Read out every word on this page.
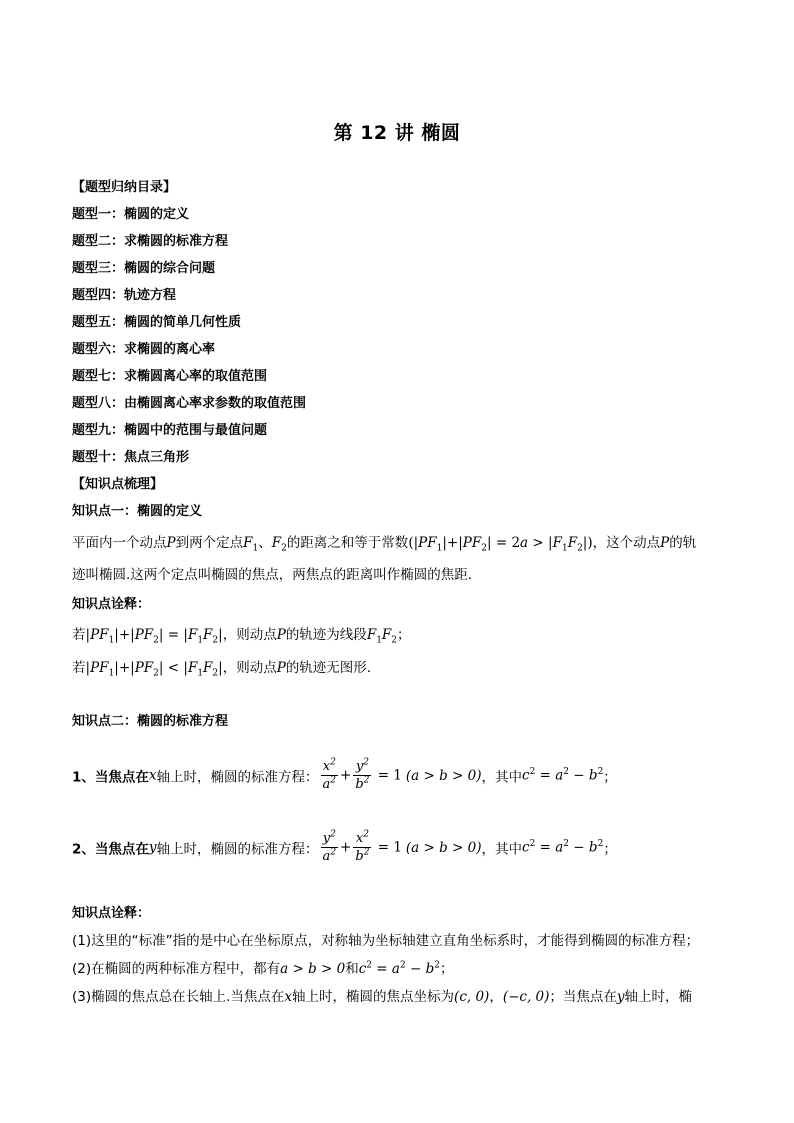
第 12 讲 椭圆
【题型归纳目录】
题型一：椭圆的定义
题型二：求椭圆的标准方程
题型三：椭圆的综合问题
题型四：轨迹方程
题型五：椭圆的简单几何性质
题型六：求椭圆的离心率
题型七：求椭圆离心率的取值范围
题型八：由椭圆离心率求参数的取值范围
题型九：椭圆中的范围与最值问题
题型十：焦点三角形
【知识点梳理】
知识点一：椭圆的定义
平面内一个动点P到两个定点$F_1$、$F_2$的距离之和等于常数$(|PF_1|+|PF_2| = 2a > |F_1F_2|)$，这个动点P的轨
迹叫椭圆.这两个定点叫椭圆的焦点，两焦点的距离叫作椭圆的焦距.
知识点诠释：
若$|PF_1|+|PF_2| = |F_1F_2|$，则动点P的轨迹为线段$F_1F_2$；
若$|PF_1|+|PF_2| < |F_1F_2|$，则动点P的轨迹无图形.
知识点二：椭圆的标准方程
1、当焦点在x轴上时，椭圆的标准方程： $\frac{x^2}{a^2} + \frac{y^2}{b^2} = 1$ (a > b > 0)，其中$c^2 = a^2 - b^2$；
2、当焦点在y轴上时，椭圆的标准方程： $\frac{y^2}{a^2} + \frac{x^2}{b^2} = 1$ (a > b > 0)，其中$c^2 = a^2 - b^2$；
知识点诠释：
(1)这里的“标准”指的是中心在坐标原点，对称轴为坐标轴建立直角坐标系时，才能得到椭圆的标准方程；
(2)在椭圆的两种标准方程中，都有a > b > 0和$c^2 = a^2 - b^2$；
(3)椭圆的焦点总在长轴上.当焦点在x轴上时，椭圆的焦点坐标为(c, 0)，(−c, 0)；当焦点在y轴上时，椭
